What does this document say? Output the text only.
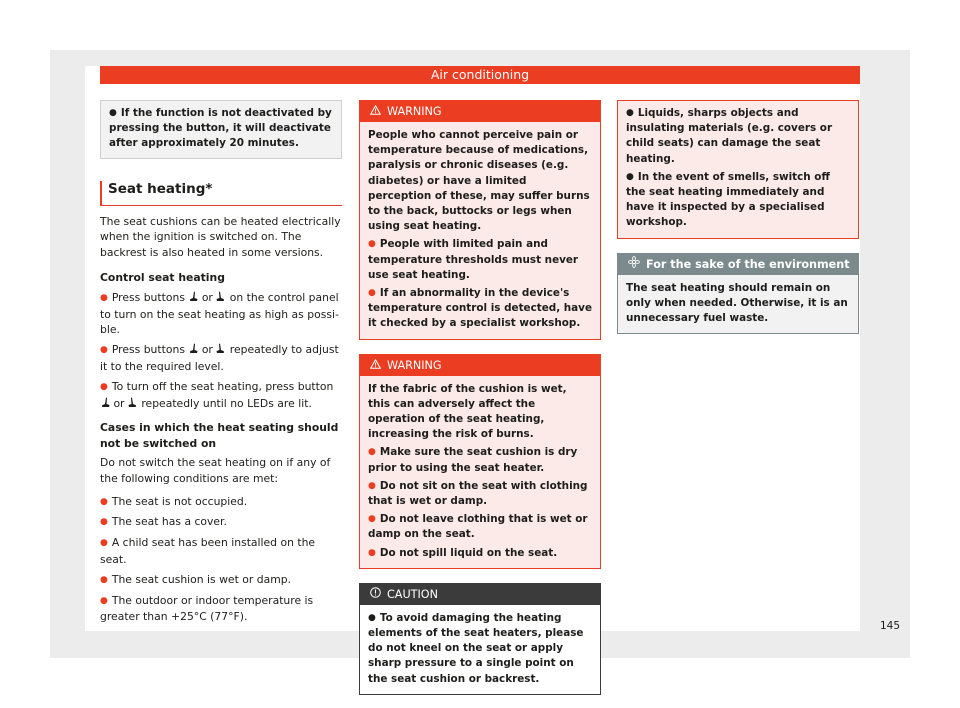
Air conditioning
● If the function is not deactivated by pressing the button, it will deactivate after approximately 20 minutes.
Seat heating*
The seat cushions can be heated electrically when the ignition is switched on. The backrest is also heated in some versions.
Control seat heating
● Press buttons or on the control panel to turn on the seat heating as high as possible.
● Press buttons or repeatedly to adjust it to the required level.
● To turn off the seat heating, press button  or repeatedly until no LEDs are lit.
Cases in which the heat seating should not be switched on
Do not switch the seat heating on if any of the following conditions are met:
● The seat is not occupied.
● The seat has a cover.
● A child seat has been installed on the seat.
● The seat cushion is wet or damp.
● The outdoor or indoor temperature is greater than +25°C (77°F).
WARNING
People who cannot perceive pain or temperature because of medications, paralysis or chronic diseases (e.g. diabetes) or have a limited perception of these, may suffer burns to the back, buttocks or legs when using seat heating.
● People with limited pain and temperature thresholds must never use seat heating.
● If an abnormality in the device's temperature control is detected, have it checked by a specialist workshop.
WARNING
If the fabric of the cushion is wet, this can adversely affect the operation of the seat heating, increasing the risk of burns.
● Make sure the seat cushion is dry prior to using the seat heater.
● Do not sit on the seat with clothing that is wet or damp.
● Do not leave clothing that is wet or damp on the seat.
● Do not spill liquid on the seat.
CAUTION
● To avoid damaging the heating elements of the seat heaters, please do not kneel on the seat or apply sharp pressure to a single point on the seat cushion or backrest.
● Liquids, sharps objects and insulating materials (e.g. covers or child seats) can damage the seat heating.
● In the event of smells, switch off the seat heating immediately and have it inspected by a specialised workshop.
For the sake of the environment
The seat heating should remain on only when needed. Otherwise, it is an unnecessary fuel waste.
145
